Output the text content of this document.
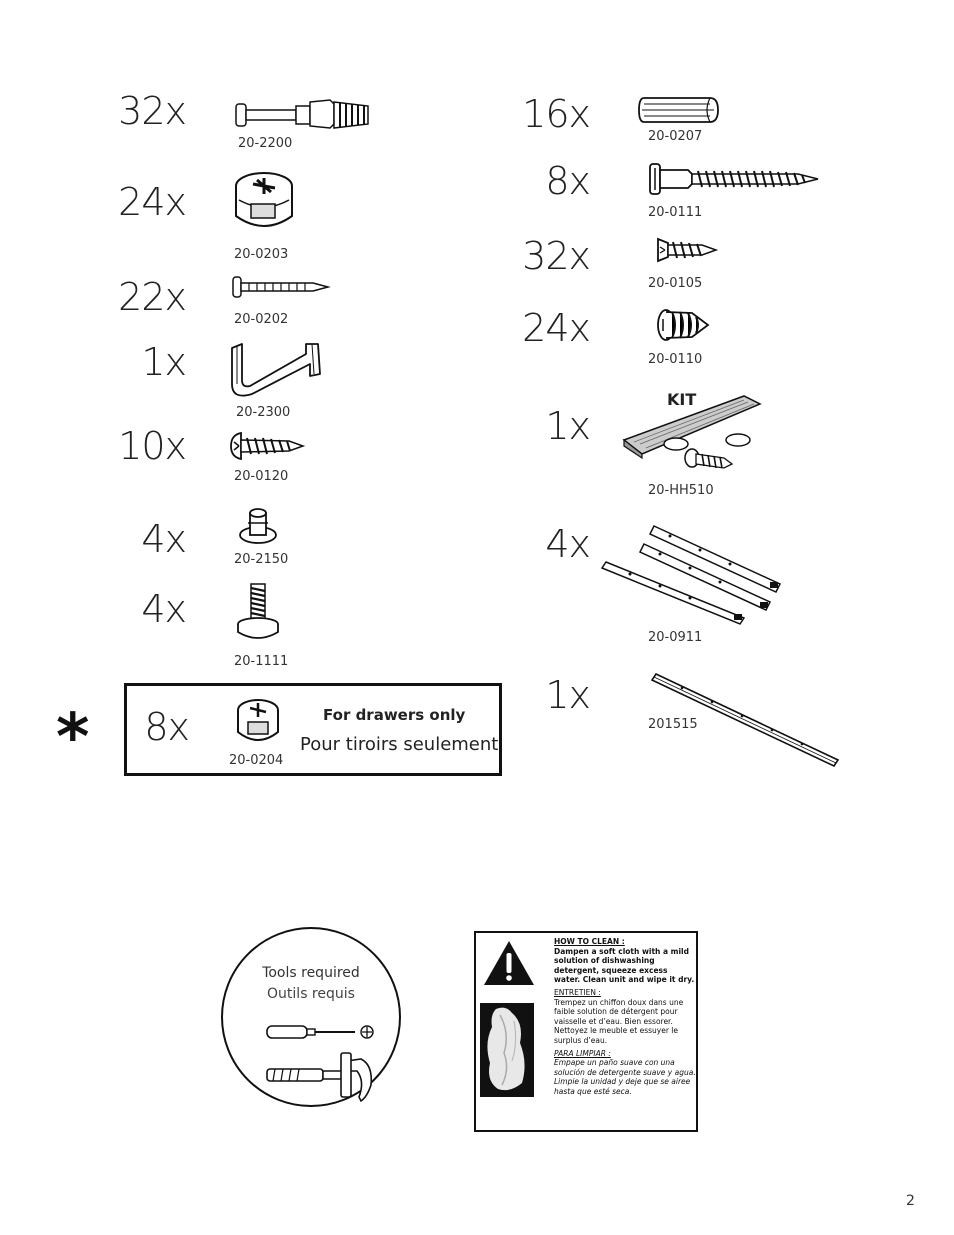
32x
20-2200
24x
20-0203
22x
20-0202
1x
20-2300
10x
20-0120
4x	20-2150
4x
20-1111
*	8x
20-0204
For drawers only
Pour tiroirs seulement
16x
20-0207
8x
20-0111
32x
20-0105
24x
20-0110
KIT
1x
20-HH510
4x
20-0911
1x
201515
Tools required
Outils requis

HOW TO CLEAN :
Dampen a soft cloth with a mild solution of dishwashing detergent, squeeze excess water. Clean unit and wipe it dry.

ENTRETIEN :
Trempez un chiffon doux dans une faible solution de détergent pour vaisselle et d’eau. Bien essorer. Nettoyez le meuble et essuyer le surplus d’eau.

PARA LIMPIAR :
Empape un paño suave con una solución de detergente suave y agua. Limpie la unidad y deje que se airee hasta que esté seca.

2
